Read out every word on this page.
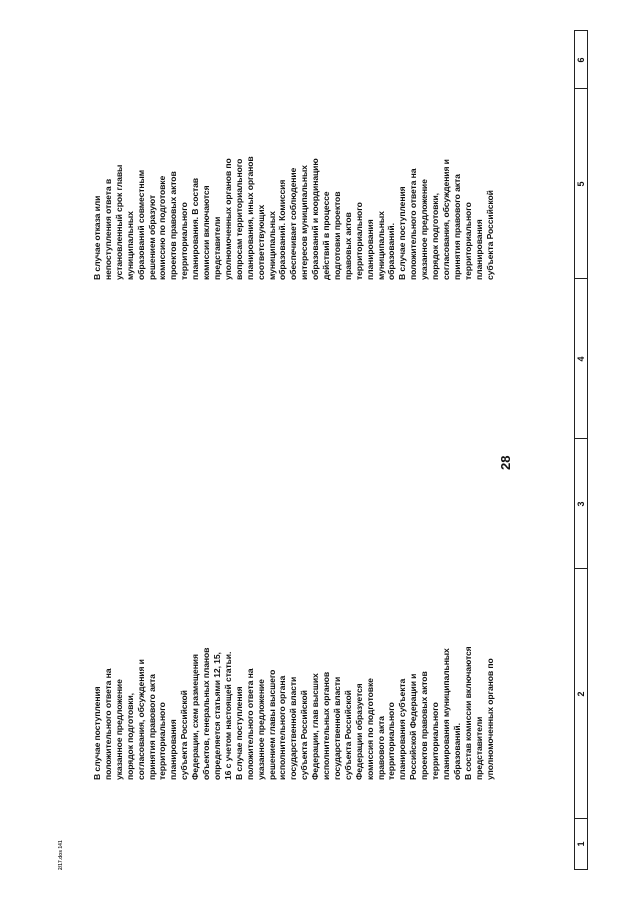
28
1
2
3
4
5
6
В случае поступления
положительного ответа на
указанное предложение
порядок подготовки,
согласования, обсуждения и
принятия правового акта
территориального
планирования
субъекта Российской
Федерации, схем размещения
объектов, генеральных планов
определяется статьями 12, 15,
16 с учетом настоящей статьи.
В случае поступления
положительного ответа на
указанное предложение
решением главы высшего
исполнительного органа
государственной власти
субъекта Российской
Федерации, глав высших
исполнительных органов
государственной власти
субъекта Российской
Федерации образуется
комиссия по подготовке
правового акта
территориального
планирования субъекта
Российской Федерации и
проектов правовых актов
территориального
планирования муниципальных
образований.
В состав комиссии включаются
представители
уполномоченных органов по
В случае отказа или
непоступления ответа в
установленный срок главы
муниципальных
образований совместным
решением образуют
комиссию по подготовке
проектов правовых актов
территориального
планирования. В состав
комиссии включаются
представители
уполномоченных органов по
вопросам территориального
планирования, иных органов
соответствующих
муниципальных
образований. Комиссия
обеспечивает соблюдение
интересов муниципальных
образований и координацию
действий в процессе
подготовки проектов
правовых актов
территориального
планирования
муниципальных
образований.
В случае поступления
положительного ответа на
указанное предложение
порядок подготовки,
согласования, обсуждения и
принятия правового акта
территориального
планирования
субъекта Российской
2/17.dos 141
